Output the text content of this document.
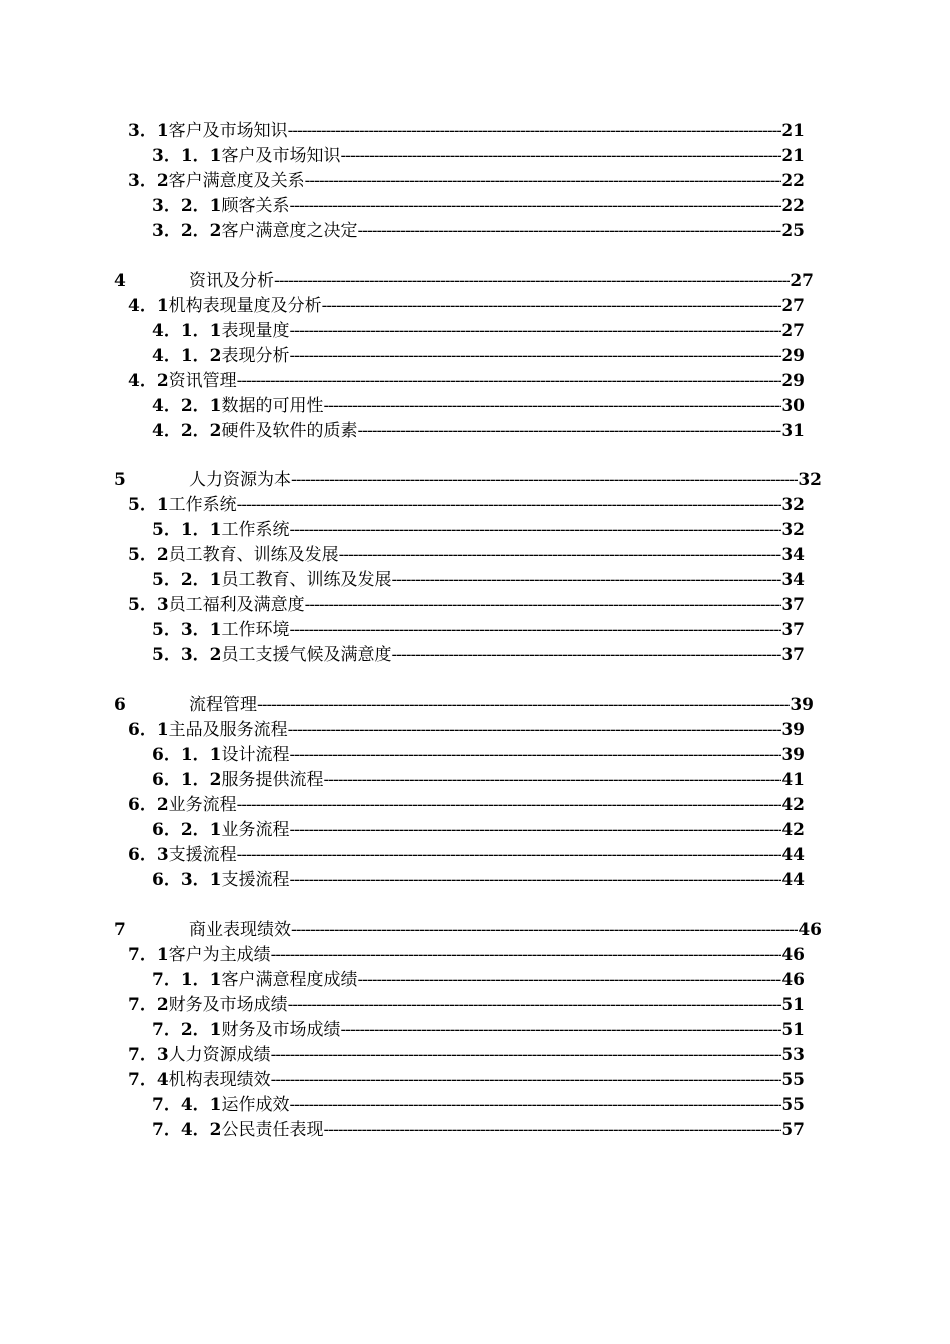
3．1 客户及市场知识 -----	21
3．1．1 客户及市场知识 -----	21
3．2 客户满意度及关系 -----	22
3．2．1 顾客关系 -----	22
3．2．2 客户满意度之决定 -----	25
4	资讯及分析 -----	27
4．1 机构表现量度及分析 -----	27
4．1．1 表现量度 -----	27
4．1．2 表现分析 -----	29
4．2 资讯管理 -----	29
4．2．1 数据的可用性 -----	30
4．2．2 硬件及软件的质素 -----	31
5	人力资源为本 -----	32
5．1 工作系统 -----	32
5．1．1 工作系统 -----	32
5．2 员工教育、训练及发展 -----	34
5．2．1 员工教育、训练及发展 -----	34
5．3 员工福利及满意度 -----	37
5．3．1 工作环境 -----	37
5．3．2 员工支援气候及满意度 -----	37
6	流程管理 -----	39
6．1 主品及服务流程 -----	39
6．1．1 设计流程 -----	39
6．1．2 服务提供流程 -----	41
6．2 业务流程 -----	42
6．2．1 业务流程 -----	42
6．3 支援流程 -----	44
6．3．1 支援流程 -----	44
7	商业表现绩效 -----	46
7．1 客户为主成绩 -----	46
7．1．1 客户满意程度成绩 -----	46
7．2 财务及市场成绩 -----	51
7．2．1 财务及市场成绩 -----	51
7．3 人力资源成绩 -----	53
7．4 机构表现绩效 -----	55
7．4．1 运作成效 -----	55
7．4．2 公民责任表现 -----	57
